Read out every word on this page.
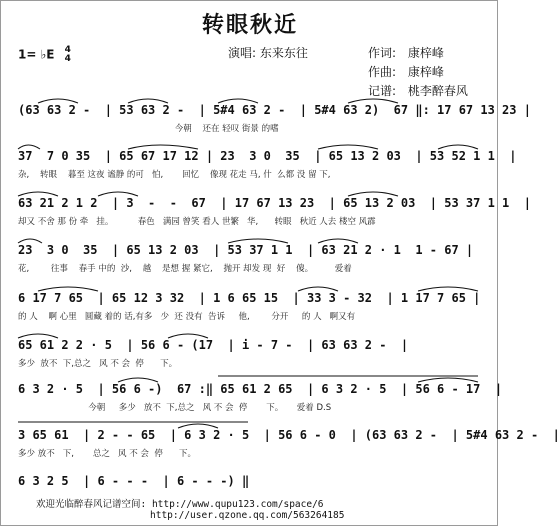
转眼秋近
1= ♭E 4
4	演唱: 东来东往	作词: 康梓峰
作曲: 康梓峰
记谱: 桃李醉春风
(63 63 2 -  | 53 63 2 -  | 5#4 63 2 -  | 5#4 63 2)  67 ‖: 17 67 13 23 |
今朝    还在 轻叹 街景 的嗜
37  7 0 35  | 65 67 17 12 | 23  3 0  35  | 65 13 2 03  | 53 52 1 1  |
杂,    转眼    暮至 这夜 谧静 的可   怕,       回忆    像现 花走 马, 什  么都 没 留 下,
63 21 2 1 2  | 3  -  -  67  | 17 67 13 23  | 65 13 2 03  | 53 37 1 1  |
却又 不舍 那 份 牵   挂。         春色   满园 曾笑 看人 世繁   华,      转眼   秋近 人去 楼空 风霹
23  3 0  35  | 65 13 2 03  | 53 37 1 1  | 63 21 2 · 1  1 - 67 |
花,        往事    春手 中的  沙,    越    是想 握 紧它,    抛开 却发 现  好    傻。        爱着
6 17 7 65  | 65 12 3 32  | 1 6 65 15  | 33 3 - 32  | 1 17 7 65 |
的 人    啊 心里   圆藏 着的 话,有多   少  还 没有  告诉     他,        分开     的 人   啊又有
65 61 2 2 · 5  | 56 6 - (17  | i - 7 -  | 63 63 2 -  |
多少  放不  下,总之   风 不 会  停      下。
6 3 2 · 5  | 56 6 -)  67 :‖ 65 61 2 65  | 6 3 2 · 5  | 56 6 - 17  |
今朝     多少   放不  下,总之   风 不 会  停       下。     爱着 D.S
3 65 61  | 2 - - 65  | 6 3 2 · 5  | 56 6 - 0  | (63 63 2 -  | 5#4 63 2 -  |
多少 放不   下,       总之   风 不 会  停      下。
6 3 2 5  | 6 - - -  | 6 - - -) ‖
欢迎光临醉春风记谱空间: http://www.qupu123.com/space/6
http://user.qzone.qq.com/563264185
